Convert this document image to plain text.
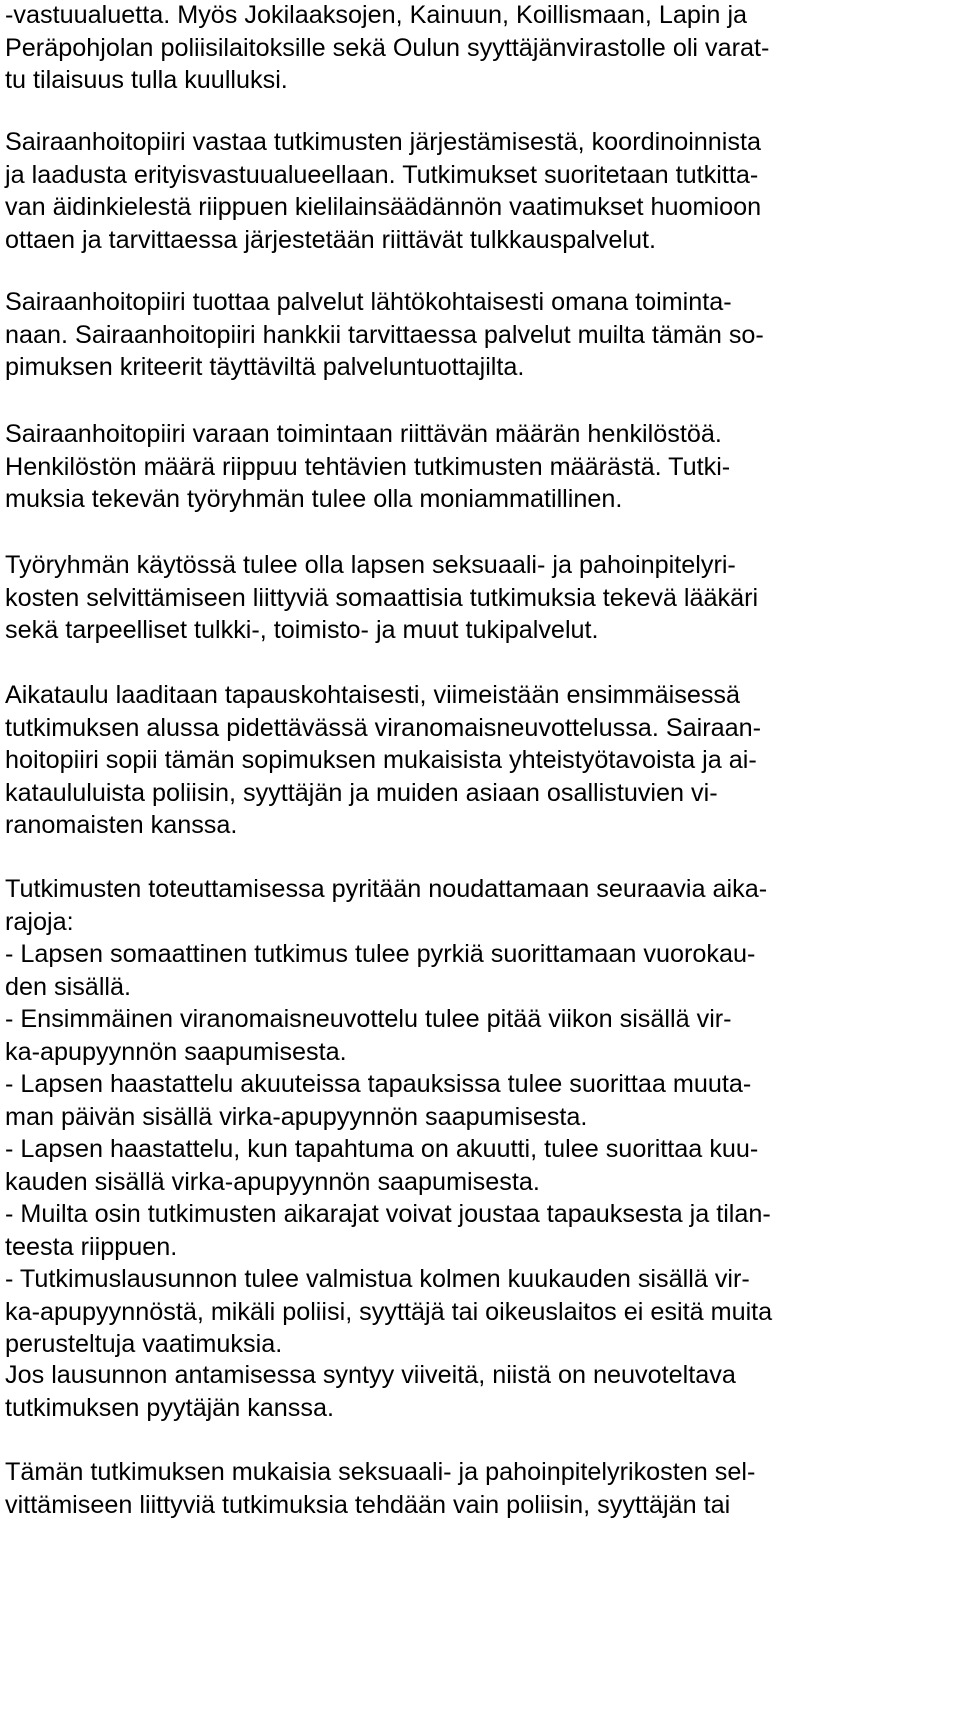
-vastuualuetta. Myös Jokilaaksojen, Kainuun, Koillismaan, Lapin ja
Peräpohjolan poliisilaitoksille sekä Oulun syyttäjänvirastolle oli varat-
tu tilaisuus tulla kuulluksi.
Sairaanhoitopiiri vastaa tutkimusten järjestämisestä, koordinoinnista
ja laadusta erityisvastuualueellaan. Tutkimukset suoritetaan tutkitta-
van äidinkielestä riippuen kielilainsäädännön vaatimukset huomioon
ottaen ja tarvittaessa järjestetään riittävät tulkkauspalvelut.
Sairaanhoitopiiri tuottaa palvelut lähtökohtaisesti omana toiminta-
naan. Sairaanhoitopiiri hankkii tarvittaessa palvelut muilta tämän so-
pimuksen kriteerit täyttäviltä palveluntuottajilta.
Sairaanhoitopiiri varaan toimintaan riittävän määrän henkilöstöä.
Henkilöstön määrä riippuu tehtävien tutkimusten määrästä. Tutki-
muksia tekevän työryhmän tulee olla moniammatillinen.
Työryhmän käytössä tulee olla lapsen seksuaali- ja pahoinpitelyri-
kosten selvittämiseen liittyviä somaattisia tutkimuksia tekevä lääkäri
sekä tarpeelliset tulkki-, toimisto- ja muut tukipalvelut.
Aikataulu laaditaan tapauskohtaisesti, viimeistään ensimmäisessä
tutkimuksen alussa pidettävässä viranomaisneuvottelussa. Sairaan-
hoitopiiri sopii tämän sopimuksen mukaisista yhteistyötavoista ja ai-
kataululuista poliisin, syyttäjän ja muiden asiaan osallistuvien vi-
ranomaisten kanssa.
Tutkimusten toteuttamisessa pyritään noudattamaan seuraavia aika-
rajoja:
- Lapsen somaattinen tutkimus tulee pyrkiä suorittamaan vuorokau-
den sisällä.
- Ensimmäinen viranomaisneuvottelu tulee pitää viikon sisällä vir-
ka-apupyynnön saapumisesta.
- Lapsen haastattelu akuuteissa tapauksissa tulee suorittaa muuta-
man päivän sisällä virka-apupyynnön saapumisesta.
- Lapsen haastattelu, kun tapahtuma on akuutti, tulee suorittaa kuu-
kauden sisällä virka-apupyynnön saapumisesta.
- Muilta osin tutkimusten aikarajat voivat joustaa tapauksesta ja tilan-
teesta riippuen.
- Tutkimuslausunnon tulee valmistua kolmen kuukauden sisällä vir-
ka-apupyynnöstä, mikäli poliisi, syyttäjä tai oikeuslaitos ei esitä muita
perusteltuja vaatimuksia.
Jos lausunnon antamisessa syntyy viiveitä, niistä on neuvoteltava
tutkimuksen pyytäjän kanssa.
Tämän tutkimuksen mukaisia seksuaali- ja pahoinpitelyrikosten sel-
vittämiseen liittyviä tutkimuksia tehdään vain poliisin, syyttäjän tai
